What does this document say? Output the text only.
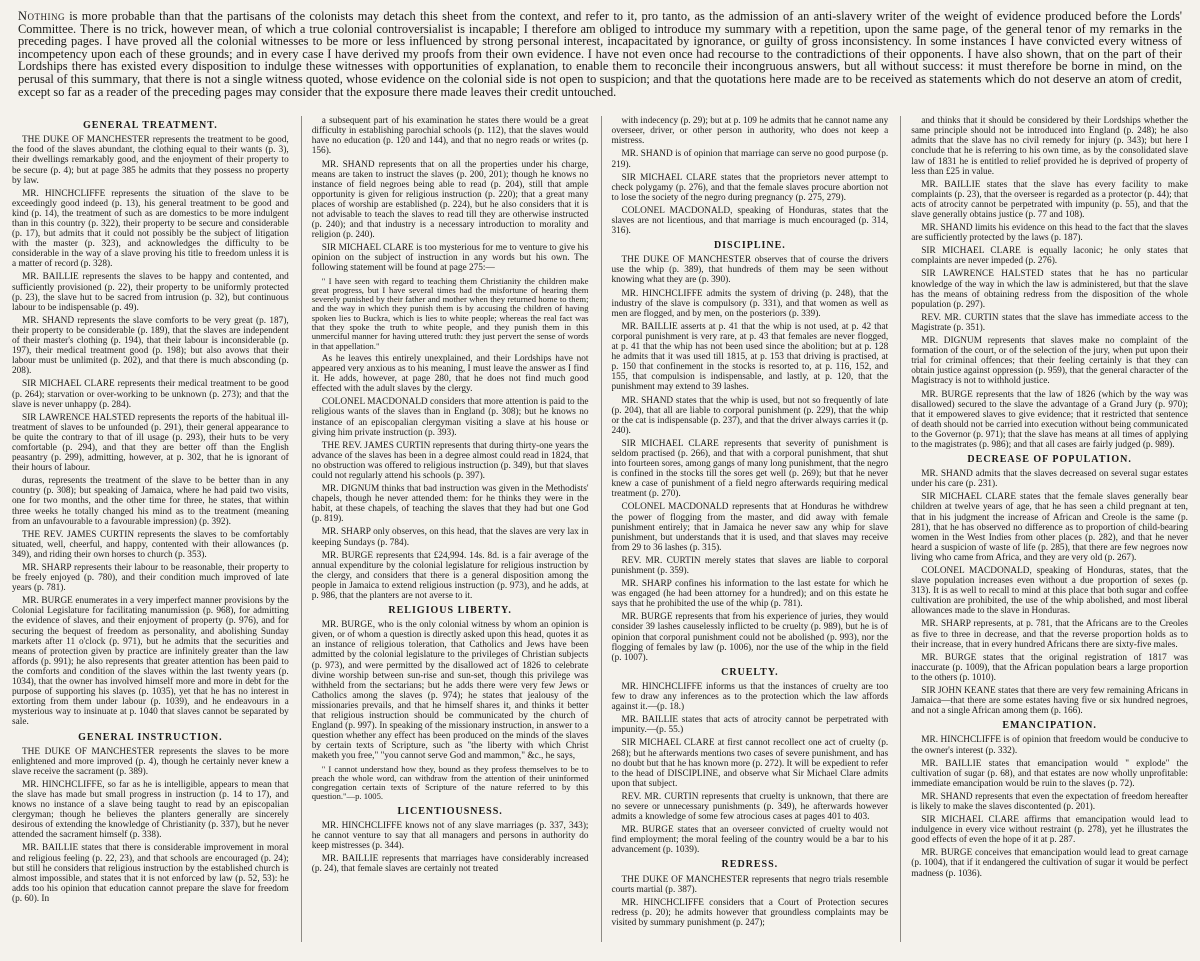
Nothing is more probable than that the partisans of the colonists may detach this sheet from the context, and refer to it, pro tanto, as the admission of an anti-slavery writer of the weight of evidence produced before the Lords' Committee. There is no trick, however mean, of which a true colonial controversialist is incapable; I therefore am obliged to introduce my summary with a repetition, upon the same page, of the general tenor of my remarks in the preceding pages. I have proved all the colonial witnesses to be more or less influenced by strong personal interest, incapacitated by ignorance, or guilty of gross inconsistency. In some instances I have convicted every witness of incompetency upon each of these grounds; and in every case I have derived my proofs from their own evidence. I have not even once had recourse to the contradictions of their opponents. I have also shown, that on the part of their Lordships there has existed every disposition to indulge these witnesses with opportunities of explanation, to enable them to reconcile their incongruous answers, but all without success: it must therefore be borne in mind, on the perusal of this summary, that there is not a single witness quoted, whose evidence on the colonial side is not open to suspicion; and that the quotations here made are to be received as statements which do not deserve an atom of credit, except so far as a reader of the preceding pages may consider that the exposure there made leaves their credit untouched.

GENERAL TREATMENT.

THE DUKE OF MANCHESTER represents the treatment to be good, the food of the slaves abundant, the clothing equal to their wants (p. 3), their dwellings remarkably good, and the enjoyment of their property to be secure (p. 4); but at page 385 he admits that they possess no property by law.

MR. HINCHCLIFFE represents the situation of the slave to be exceedingly good indeed (p. 13), his general treatment to be good and kind (p. 14), the treatment of such as are domestics to be more indulgent than in this country (p. 322), their property to be secure and considerable (p. 17), but admits that it could not possibly be the subject of litigation with the master (p. 323), and acknowledges the difficulty to be considerable in the way of a slave proving his title to freedom unless it is a matter of record (p. 328).

MR. BAILLIE represents the slaves to be happy and contented, and sufficiently provisioned (p. 22), their property to be uniformly protected (p. 23), the slave hut to be sacred from intrusion (p. 32), but continuous labour to be indispensable (p. 49).

MR. SHAND represents the slave comforts to be very great (p. 187), their property to be considerable (p. 189), that the slaves are independent of their master's clothing (p. 194), that their labour is inconsiderable (p. 197), their medical treatment good (p. 198); but also avows that their labour must be unlimited (p. 202), and that there is much absconding (p. 208).

SIR MICHAEL CLARE represents their medical treatment to be good (p. 264); starvation or over-working to be unknown (p. 273); and that the slave is never unhappy (p. 284).

SIR LAWRENCE HALSTED represents the reports of the habitual ill-treatment of slaves to be unfounded (p. 291), their general appearance to be quite the contrary to that of ill usage (p. 293), their huts to be very comfortable (p. 294), and that they are better off than the English peasantry (p. 299), admitting, however, at p. 302, that he is ignorant of their hours of labour.

duras, represents the treatment of the slave to be better than in any country (p. 308); but speaking of Jamaica, where he had paid two visits, one for two months, and the other time for three, he states, that within three weeks he totally changed his mind as to the treatment (meaning from an unfavourable to a favourable impression) (p. 392).

THE REV. JAMES CURTIN represents the slaves to be comfortably situated, well, cheerful, and happy, contented with their allowances (p. 349), and riding their own horses to church (p. 353).

MR. SHARP represents their labour to be reasonable, their property to be freely enjoyed (p. 780), and their condition much improved of late years (p. 781).

MR. BURGE enumerates in a very imperfect manner provisions by the Colonial Legislature for facilitating manumission (p. 968), for admitting the evidence of slaves, and their enjoyment of property (p. 976), and for securing the bequest of freedom as personality, and abolishing Sunday markets after 11 o'clock (p. 971), but he admits that the securities and means of protection given by practice are infinitely greater than the law affords (p. 991); he also represents that greater attention has been paid to the comforts and condition of the slaves within the last twenty years (p. 1034), that the owner has involved himself more and more in debt for the purpose of supporting his slaves (p. 1035), yet that he has no interest in extorting from them under labour (p. 1039), and he endeavours in a mysterious way to insinuate at p. 1040 that slaves cannot be separated by sale.

GENERAL INSTRUCTION.

THE DUKE OF MANCHESTER represents the slaves to be more enlightened and more improved (p. 4), though he certainly never knew a slave receive the sacrament (p. 389).

MR. HINCHCLIFFE, so far as he is intelligible, appears to mean that the slave has made but small progress in instruction (p. 14 to 17), and knows no instance of a slave being taught to read by an episcopalian clergyman; though he believes the planters generally are sincerely desirous of extending the knowledge of Christianity (p. 337), but he never attended the sacrament himself (p. 338).

MR. BAILLIE states that there is considerable improvement in moral and religious feeling (p. 22, 23), and that schools are encouraged (p. 24); but still he considers that religious instruction by the established church is almost impossible, and states that it is not enforced by law (p. 52, 53): he adds too his opinion that education cannot prepare the slave for freedom (p. 60). In

a subsequent part of his examination he states there would be a great difficulty in establishing parochial schools (p. 112), that the slaves would have no education (p. 120 and 144), and that no negro reads or writes (p. 156).

MR. SHAND represents that on all the properties under his charge, means are taken to instruct the slaves (p. 200, 201); though he knows no instance of field negroes being able to read (p. 204), still that ample opportunity is given for religious instruction (p. 220); that a great many places of worship are established (p. 224), but he also considers that it is not advisable to teach the slaves to read till they are otherwise instructed (p. 240); and that industry is a necessary introduction to morality and religion (p. 240).

SIR MICHAEL CLARE is too mysterious for me to venture to give his opinion on the subject of instruction in any words but his own. The following statement will be found at page 275:—

" I have seen with regard to teaching them Christianity the children make great progress, but I have several times had the misfortune of hearing them severely punished by their father and mother when they returned home to them; and the way in which they punish them is by accusing the children of having spoken lies to Buckra, which is lies to white people; whereas the real fact was that they spoke the truth to white people, and they punish them in this unmerciful manner for having uttered truth: they just pervert the sense of words in that appellation."

As he leaves this entirely unexplained, and their Lordships have not appeared very anxious as to his meaning, I must leave the answer as I find it. He adds, however, at page 280, that he does not find much good effected with the adult slaves by the clergy.

COLONEL MACDONALD considers that more attention is paid to the religious wants of the slaves than in England (p. 308); but he knows no instance of an episcopalian clergyman visiting a slave at his house or giving him private instruction (p. 393).

THE REV. JAMES CURTIN represents that during thirty-one years the advance of the slaves has been in a degree almost could read in 1824, that no obstruction was offered to religious instruction (p. 349), but that slaves could not regularly attend his schools (p. 397).

MR. DIGNUM thinks that bad instruction was given in the Methodists' chapels, though he never attended them: for he thinks they were in the habit, at these chapels, of teaching the slaves that they had but one God (p. 819).

MR. SHARP only observes, on this head, that the slaves are very lax in keeping Sundays (p. 784).

MR. BURGE represents that £24,994. 14s. 8d. is a fair average of the annual expenditure by the colonial legislature for religious instruction by the clergy, and considers that there is a general disposition among the people in Jamaica to extend religious instruction (p. 973), and he adds, at p. 986, that the planters are not averse to it.

RELIGIOUS LIBERTY.

MR. BURGE, who is the only colonial witness by whom an opinion is given, or of whom a question is directly asked upon this head, quotes it as an instance of religious toleration, that Catholics and Jews have been admitted by the colonial legislature to the privileges of Christian subjects (p. 973), and were permitted by the disallowed act of 1826 to celebrate divine worship between sun-rise and sun-set, though this privilege was withheld from the sectarians; but he adds there were very few Jews or Catholics among the slaves (p. 974); he states that jealousy of the missionaries prevails, and that he himself shares it, and thinks it better that religious instruction should be communicated by the church of England (p. 997). In speaking of the missionary instruction, in answer to a question whether any effect has been produced on the minds of the slaves by certain texts of Scripture, such as "the liberty with which Christ maketh you free," "you cannot serve God and mammon," &c., he says,

" I cannot understand how they, bound as they profess themselves to be to preach the whole word, can withdraw from the attention of their uninformed congregation certain texts of Scripture of the nature referred to by this question."—p. 1005.

LICENTIOUSNESS.

MR. HINCHCLIFFE knows not of any slave marriages (p. 337, 343); he cannot venture to say that all managers and persons in authority do keep mistresses (p. 344).

MR. BAILLIE represents that marriages have considerably increased (p. 24), that female slaves are certainly not treated

with indecency (p. 29); but at p. 109 he admits that he cannot name any overseer, driver, or other person in authority, who does not keep a mistress.

MR. SHAND is of opinion that marriage can serve no good purpose (p. 219).

SIR MICHAEL CLARE states that the proprietors never attempt to check polygamy (p. 276), and that the female slaves procure abortion not to lose the society of the negro during pregnancy (p. 275, 279).

COLONEL MACDONALD, speaking of Honduras, states that the slaves are not licentious, and that marriage is much encouraged (p. 314, 316).

DISCIPLINE.

THE DUKE OF MANCHESTER observes that of course the drivers use the whip (p. 389), that hundreds of them may be seen without knowing what they are (p. 390).

MR. HINCHCLIFFE admits the system of driving (p. 248), that the industry of the slave is compulsory (p. 331), and that women as well as men are flogged, and by men, on the posteriors (p. 339).

MR. BAILLIE asserts at p. 41 that the whip is not used, at p. 42 that corporal punishment is very rare, at p. 43 that females are never flogged, at p. 41 that the whip has not been used since the abolition; but at p. 128 he admits that it was used till 1815, at p. 153 that driving is practised, at p. 150 that confinement in the stocks is resorted to, at p. 116, 152, and 155, that compulsion is indispensable, and lastly, at p. 120, that the punishment may extend to 39 lashes.

MR. SHAND states that the whip is used, but not so frequently of late (p. 204), that all are liable to corporal punishment (p. 229), that the whip or the cat is indispensable (p. 237), and that the driver always carries it (p. 240).

SIR MICHAEL CLARE represents that severity of punishment is seldom practised (p. 266), and that with a corporal punishment, that shut into fourteen sores, among gangs of many long punishment, that the negro is confined in the stocks till the sores get well (p. 269); but that he never knew a case of punishment of a field negro afterwards requiring medical treatment (p. 270).

COLONEL MACDONALD represents that at Honduras he withdrew the power of flogging from the master, and did away with female punishment entirely; that in Jamaica he never saw any whip for slave punishment, but understands that it is used, and that slaves may receive from 29 to 36 lashes (p. 315).

REV. MR. CURTIN merely states that slaves are liable to corporal punishment (p. 359).

MR. SHARP confines his information to the last estate for which he was engaged (he had been attorney for a hundred); and on this estate he says that he prohibited the use of the whip (p. 781).

MR. BURGE represents that from his experience of juries, they would consider 39 lashes causelessly inflicted to be cruelty (p. 989), but he is of opinion that corporal punishment could not be abolished (p. 993), nor the flogging of females by law (p. 1006), nor the use of the whip in the field (p. 1007).

CRUELTY.

MR. HINCHCLIFFE informs us that the instances of cruelty are too few to draw any inferences as to the protection which the law affords against it.—(p. 18.)

MR. BAILLIE states that acts of atrocity cannot be perpetrated with impunity.—(p. 55.)

SIR MICHAEL CLARE at first cannot recollect one act of cruelty (p. 268); but he afterwards mentions two cases of severe punishment, and has no doubt but that he has known more (p. 272). It will be expedient to refer to the head of DISCIPLINE, and observe what Sir Michael Clare admits upon that subject.

REV. MR. CURTIN represents that cruelty is unknown, that there are no severe or unnecessary punishments (p. 349), he afterwards however admits a knowledge of some few atrocious cases at pages 401 to 403.

MR. BURGE states that an overseer convicted of cruelty would not find employment; the moral feeling of the country would be a bar to his advancement (p. 1039).

REDRESS.

THE DUKE OF MANCHESTER represents that negro trials resemble courts martial (p. 387).

MR. HINCHCLIFFE considers that a Court of Protection secures redress (p. 20); he admits however that groundless complaints may be visited by summary punishment (p. 247);

and thinks that it should be considered by their Lordships whether the same principle should not be introduced into England (p. 248); he also admits that the slave has no civil remedy for injury (p. 343); but here I conclude that he is referring to his own time, as by the consolidated slave law of 1831 he is entitled to relief provided he is deprived of property of less than £25 in value.

MR. BAILLIE states that the slave has every facility to make complaints (p. 23), that the overseer is regarded as a protector (p. 44); that acts of atrocity cannot be perpetrated with impunity (p. 55), and that the slave generally obtains justice (p. 77 and 108).

MR. SHAND limits his evidence on this head to the fact that the slaves are sufficiently protected by the laws (p. 187).

SIR MICHAEL CLARE is equally laconic; he only states that complaints are never impeded (p. 276).

SIR LAWRENCE HALSTED states that he has no particular knowledge of the way in which the law is administered, but that the slave has the means of obtaining redress from the disposition of the whole population (p. 297).

REV. MR. CURTIN states that the slave has immediate access to the Magistrate (p. 351).

MR. DIGNUM represents that slaves make no complaint of the formation of the court, or of the selection of the jury, when put upon their trial for criminal offences; that their feeling certainly is that they can obtain justice against oppression (p. 959), that the general character of the Magistracy is not to withhold justice.

MR. BURGE represents that the law of 1826 (which by the way was disallowed) secured to the slave the advantage of a Grand Jury (p. 970); that it empowered slaves to give evidence; that it restricted that sentence of death should not be carried into execution without being communicated to the Governor (p. 971); that the slave has means at all times of applying to the magistrates (p. 986); and that all cases are fairly judged (p. 989).

DECREASE OF POPULATION.

MR. SHAND admits that the slaves decreased on several sugar estates under his care (p. 231).

SIR MICHAEL CLARE states that the female slaves generally bear children at twelve years of age, that he has seen a child pregnant at ten, that in his judgment the increase of African and Creole is the same (p. 281), that he has observed no difference as to proportion of child-bearing women in the West Indies from other places (p. 282), and that he never heard a suspicion of waste of life (p. 285), that there are few negroes now living who came from Africa, and they are very old (p. 267).

COLONEL MACDONALD, speaking of Honduras, states, that the slave population increases even without a due proportion of sexes (p. 313). It is as well to recall to mind at this place that both sugar and coffee cultivation are prohibited, the use of the whip abolished, and most liberal allowances made to the slave in Honduras.

MR. SHARP represents, at p. 781, that the Africans are to the Creoles as five to three in decrease, and that the reverse proportion holds as to their increase, that in every hundred Africans there are sixty-five males.

MR. BURGE states that the original registration of 1817 was inaccurate (p. 1009), that the African population bears a large proportion to the others (p. 1010).

SIR JOHN KEANE states that there are very few remaining Africans in Jamaica—that there are some estates having five or six hundred negroes, and not a single African among them (p. 166).

EMANCIPATION.

MR. HINCHCLIFFE is of opinion that freedom would be conducive to the owner's interest (p. 332).

MR. BAILLIE states that emancipation would " explode" the cultivation of sugar (p. 68), and that estates are now wholly unprofitable: immediate emancipation would be ruin to the slaves (p. 72).

MR. SHAND represents that even the expectation of freedom hereafter is likely to make the slaves discontented (p. 201).

SIR MICHAEL CLARE affirms that emancipation would lead to indulgence in every vice without restraint (p. 278), yet he illustrates the good effects of even the hope of it at p. 287.

MR. BURGE conceives that emancipation would lead to great carnage (p. 1004), that if it endangered the cultivation of sugar it would be perfect madness (p. 1036).
